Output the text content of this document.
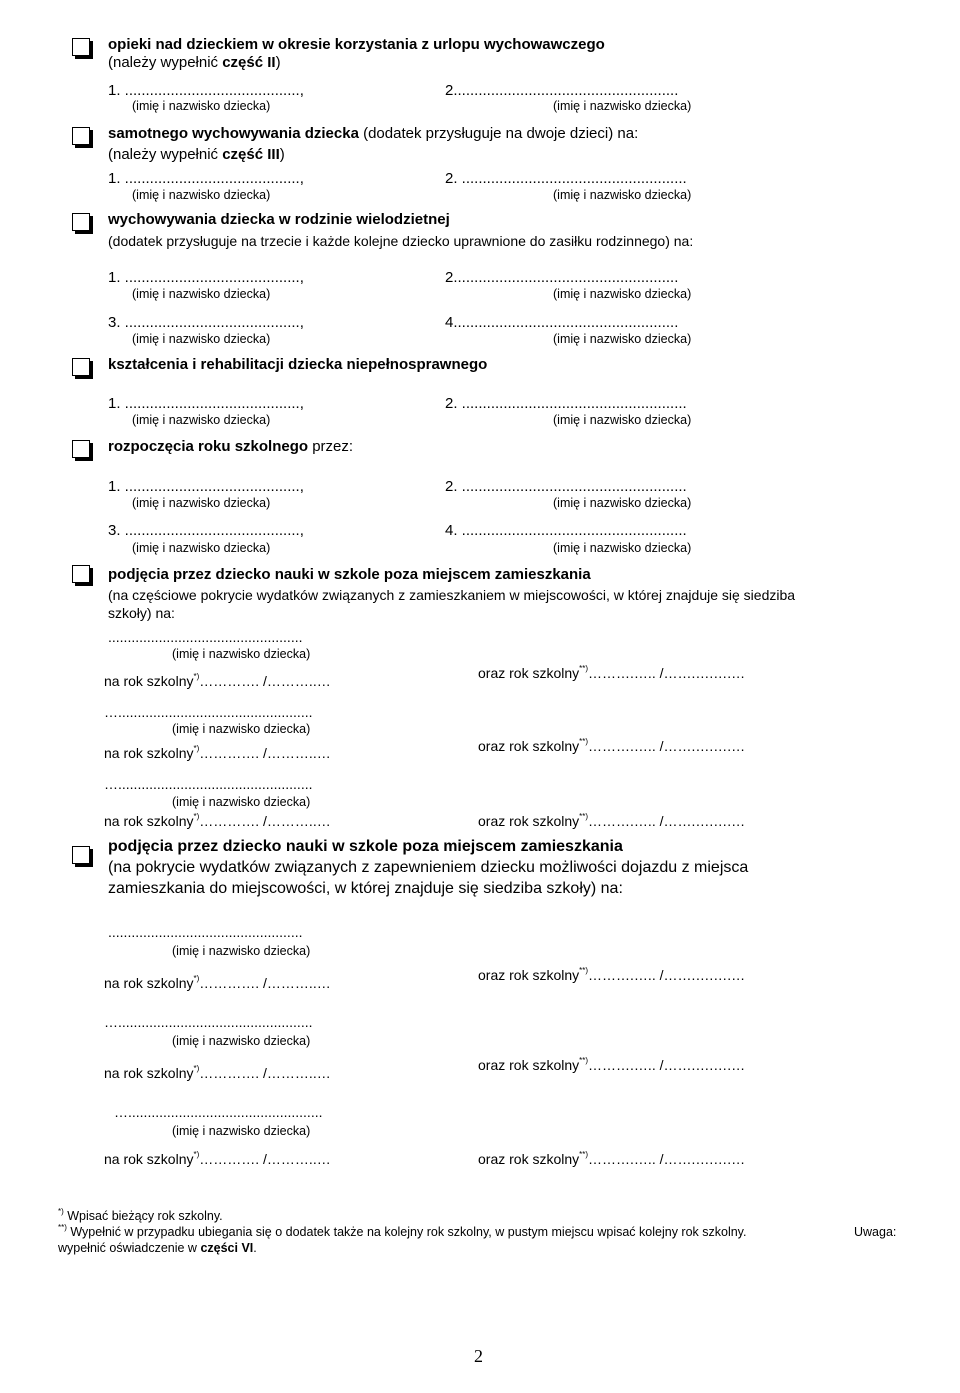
opieki nad dzieckiem w okresie korzystania z urlopu wychowawczego
(należy wypełnić część II)
1. ..........................................,	2......................................................
(imię i nazwisko dziecka)	(imię i nazwisko dziecka)
samotnego wychowywania dziecka (dodatek przysługuje na dwoje dzieci) na:
(należy wypełnić część III)
1. ..........................................,	2. ......................................................
(imię i nazwisko dziecka)	(imię i nazwisko dziecka)
wychowywania dziecka w rodzinie wielodzietnej
(dodatek przysługuje na trzecie i każde kolejne dziecko uprawnione do zasiłku rodzinnego) na:
1. ..........................................,	2......................................................
(imię i nazwisko dziecka)	(imię i nazwisko dziecka)
3. ..........................................,	4......................................................
(imię i nazwisko dziecka)	(imię i nazwisko dziecka)
kształcenia i rehabilitacji dziecka niepełnosprawnego
1. ..........................................,	2. ......................................................
(imię i nazwisko dziecka)	(imię i nazwisko dziecka)
rozpoczęcia roku szkolnego przez:
1. ..........................................,	2. ......................................................
(imię i nazwisko dziecka)	(imię i nazwisko dziecka)
3. ..........................................,	4. ......................................................
(imię i nazwisko dziecka)	(imię i nazwisko dziecka)
podjęcia przez dziecko nauki w szkole poza miejscem zamieszkania
(na częściowe pokrycie wydatków związanych z zamieszkaniem w miejscowości, w której znajduje się siedziba
szkoły) na:
..................................................
(imię i nazwisko dziecka)
na rok szkolny*)…………. /………..…	oraz rok szkolny**)……….….. /…….….….…
…..................................................
(imię i nazwisko dziecka)
na rok szkolny*)…………. /………..…	oraz rok szkolny**)……….….. /…….….….…
…..................................................
(imię i nazwisko dziecka)
na rok szkolny*)…………. /………..…	oraz rok szkolny**)……….….. /…….….….…
podjęcia przez dziecko nauki w szkole poza miejscem zamieszkania
(na pokrycie wydatków związanych z zapewnieniem dziecku możliwości dojazdu z miejsca
zamieszkania do miejscowości, w której znajduje się siedziba szkoły) na:
..................................................
(imię i nazwisko dziecka)
na rok szkolny*)…………. /………..…	oraz rok szkolny**)……….….. /…….….….…
…..................................................
(imię i nazwisko dziecka)
na rok szkolny*)…………. /………..…	oraz rok szkolny**)……….….. /…….….….…
…..................................................
(imię i nazwisko dziecka)
na rok szkolny*)…………. /………..…	oraz rok szkolny**)……….….. /…….….….…
*) Wpisać bieżący rok szkolny.
**) Wypełnić w przypadku ubiegania się o dodatek także na kolejny rok szkolny, w pustym miejscu wpisać kolejny rok szkolny.	Uwaga:
wypełnić oświadczenie w części VI.
2
